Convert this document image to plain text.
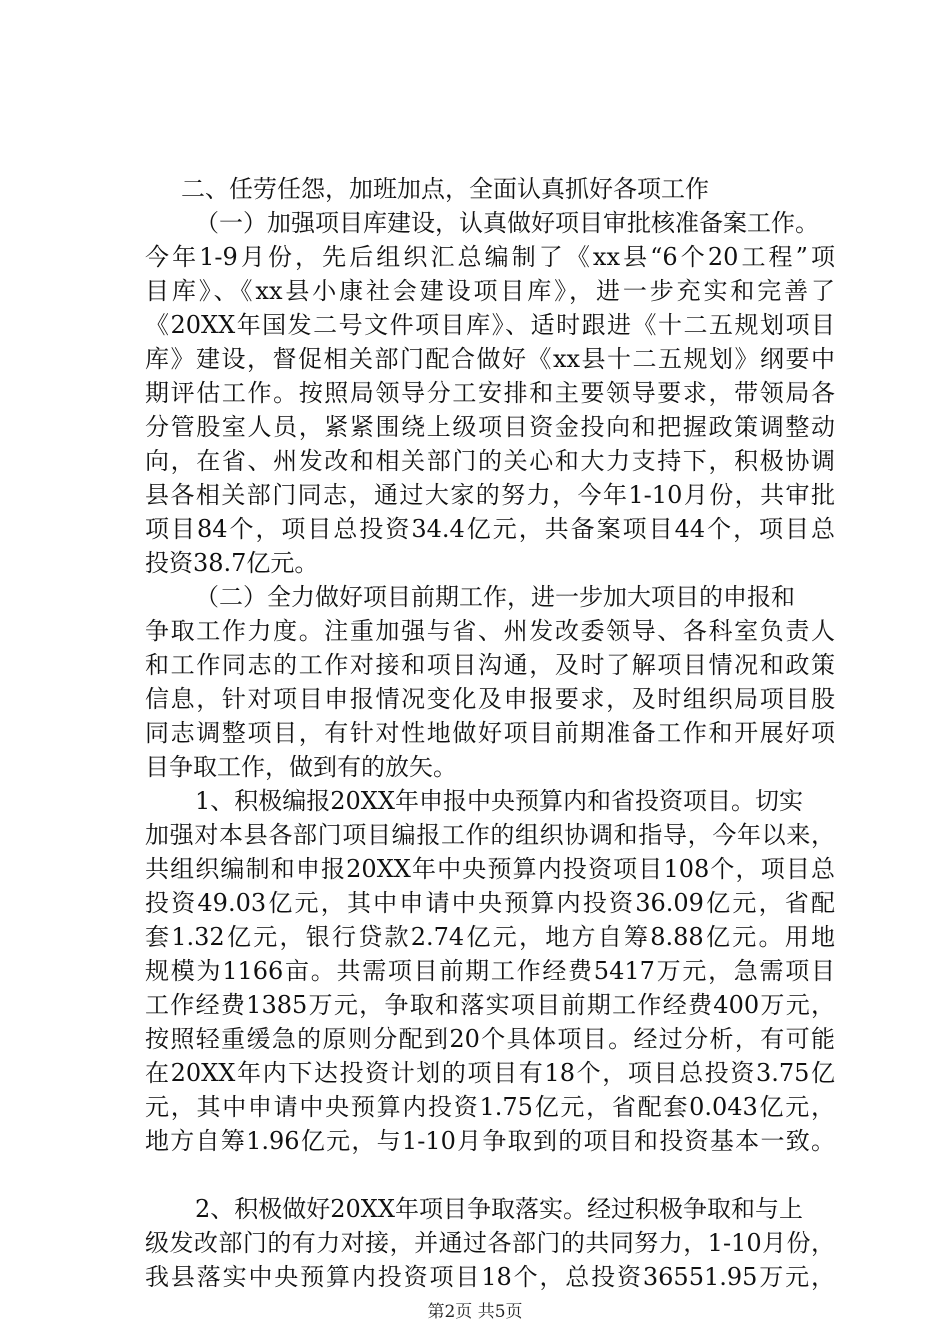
二、任劳任怨，加班加点，全面认真抓好各项工作
（一）加强项目库建设，认真做好项目审批核准备案工作。
今年1-9月份，先后组织汇总编制了《xx县“6个20工程”项
目库》、《xx县小康社会建设项目库》，进一步充实和完善了
《20XX年国发二号文件项目库》、适时跟进《十二五规划项目
库》建设，督促相关部门配合做好《xx县十二五规划》纲要中
期评估工作。按照局领导分工安排和主要领导要求，带领局各
分管股室人员，紧紧围绕上级项目资金投向和把握政策调整动
向，在省、州发改和相关部门的关心和大力支持下，积极协调
县各相关部门同志，通过大家的努力，今年1-10月份，共审批
项目84个，项目总投资34.4亿元，共备案项目44个，项目总
投资38.7亿元。
（二）全力做好项目前期工作，进一步加大项目的申报和
争取工作力度。注重加强与省、州发改委领导、各科室负责人
和工作同志的工作对接和项目沟通，及时了解项目情况和政策
信息，针对项目申报情况变化及申报要求，及时组织局项目股
同志调整项目，有针对性地做好项目前期准备工作和开展好项
目争取工作，做到有的放矢。
1、积极编报20XX年申报中央预算内和省投资项目。切实
加强对本县各部门项目编报工作的组织协调和指导，今年以来，
共组织编制和申报20XX年中央预算内投资项目108个，项目总
投资49.03亿元，其中申请中央预算内投资36.09亿元，省配
套1.32亿元，银行贷款2.74亿元，地方自筹8.88亿元。用地
规模为1166亩。共需项目前期工作经费5417万元，急需项目
工作经费1385万元，争取和落实项目前期工作经费400万元，
按照轻重缓急的原则分配到20个具体项目。经过分析，有可能
在20XX年内下达投资计划的项目有18个，项目总投资3.75亿
元，其中申请中央预算内投资1.75亿元，省配套0.043亿元，
地方自筹1.96亿元，与1-10月争取到的项目和投资基本一致。
2、积极做好20XX年项目争取落实。经过积极争取和与上
级发改部门的有力对接，并通过各部门的共同努力，1-10月份，
我县落实中央预算内投资项目18个，总投资36551.95万元，
第2页 共5页
